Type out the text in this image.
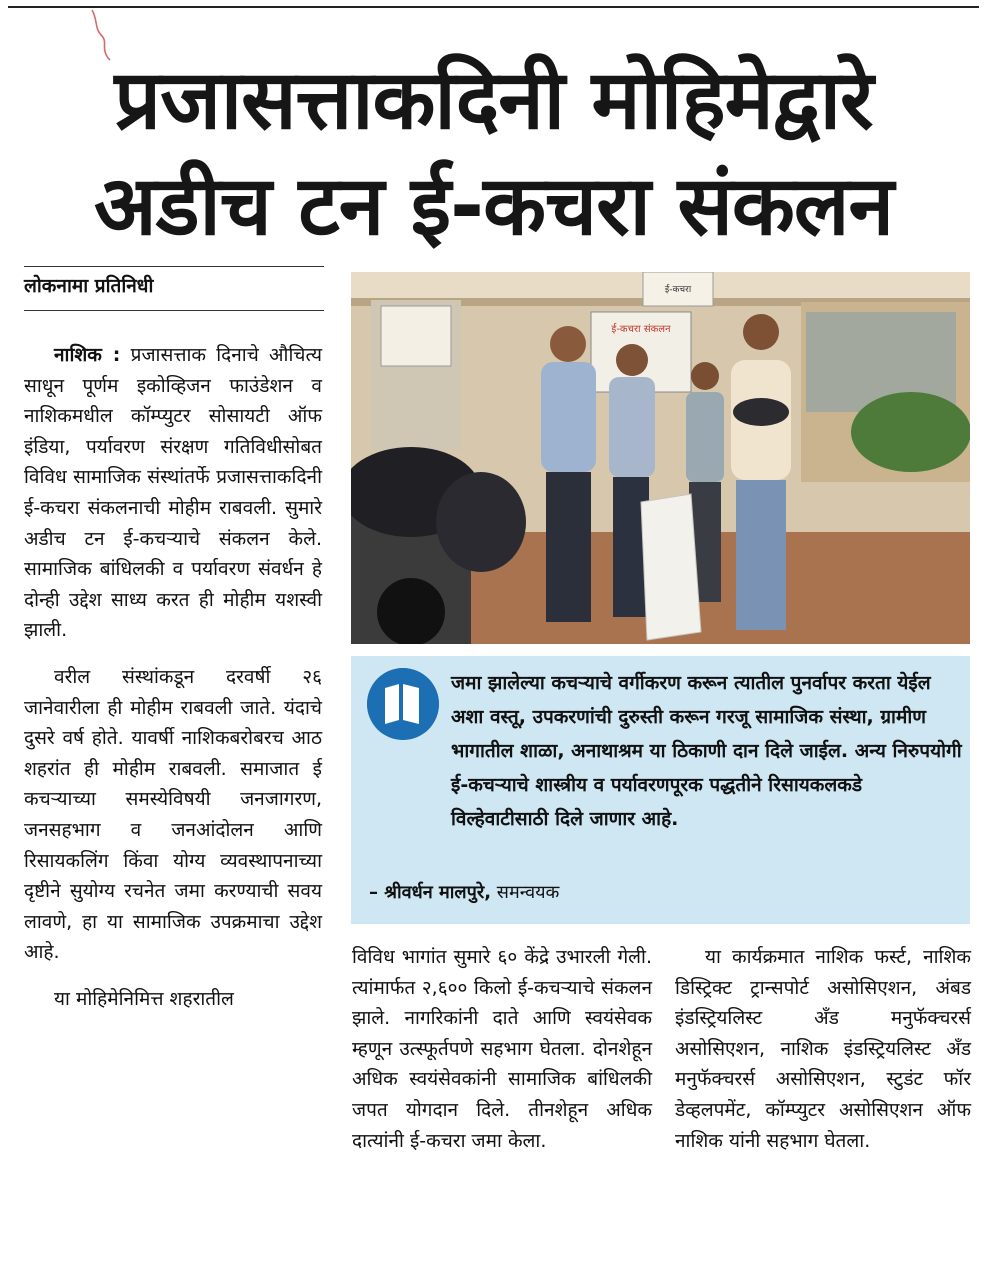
प्रजासत्ताकदिनी मोहिमेद्वारे
अडीच टन ई-कचरा संकलन
लोकनामा प्रतिनिधी

नाशिक : प्रजासत्ताक दिनाचे औचित्य साधून पूर्णम इकोव्हिजन फाउंडेशन व नाशिकमधील कॉम्प्युटर सोसायटी ऑफ इंडिया, पर्यावरण संरक्षण गतिविधीसोबत विविध सामाजिक संस्थांतर्फे प्रजासत्ताकदिनी ई-कचरा संकलनाची मोहीम राबवली. सुमारे अडीच टन ई-कचऱ्याचे संकलन केले. सामाजिक बांधिलकी व पर्यावरण संवर्धन हे दोन्ही उद्देश साध्य करत ही मोहीम यशस्वी झाली.

वरील संस्थांकडून दरवर्षी २६ जानेवारीला ही मोहीम राबवली जाते. यंदाचे दुसरे वर्ष होते. यावर्षी नाशिकबरोबरच आठ शहरांत ही मोहीम राबवली. समाजात ई कचऱ्याच्या समस्येविषयी जनजागरण, जनसहभाग व जनआंदोलन आणि रिसायकलिंग किंवा योग्य व्यवस्थापनाच्या दृष्टीने सुयोग्य रचनेत जमा करण्याची सवय लावणे, हा या सामाजिक उपक्रमाचा उद्देश आहे.

या मोहिमेनिमित्त शहरातील

ई-कचरा संकलन
ई-कचरा
जमा झालेल्या कचऱ्याचे वर्गीकरण करून त्यातील पुनर्वापर करता येईल अशा वस्तू, उपकरणांची दुरुस्ती करून गरजू सामाजिक संस्था, ग्रामीण भागातील शाळा, अनाथाश्रम या ठिकाणी दान दिले जाईल. अन्य निरुपयोगी ई-कचऱ्याचे शास्त्रीय व पर्यावरणपूरक पद्धतीने रिसायकलकडे विल्हेवाटीसाठी दिले जाणार आहे.
– श्रीवर्धन मालपुरे, समन्वयक

विविध भागांत सुमारे ६० केंद्रे उभारली गेली. त्यांमार्फत २,६०० किलो ई-कचऱ्याचे संकलन झाले. नागरिकांनी दाते आणि स्वयंसेवक म्हणून उत्स्फूर्तपणे सहभाग घेतला. दोनशेहून अधिक स्वयंसेवकांनी सामाजिक बांधिलकी जपत योगदान दिले. तीनशेहून अधिक दात्यांनी ई-कचरा जमा केला.

या कार्यक्रमात नाशिक फर्स्ट, नाशिक डिस्ट्रिक्ट ट्रान्सपोर्ट असोसिएशन, अंबड इंडस्ट्रियलिस्ट अँड मनुफॅक्चरर्स असोसिएशन, नाशिक इंडस्ट्रियलिस्ट अँड मनुफॅक्चरर्स असोसिएशन, स्टुडंट फॉर डेव्हलपमेंट, कॉम्प्युटर असोसिएशन ऑफ नाशिक यांनी सहभाग घेतला.
